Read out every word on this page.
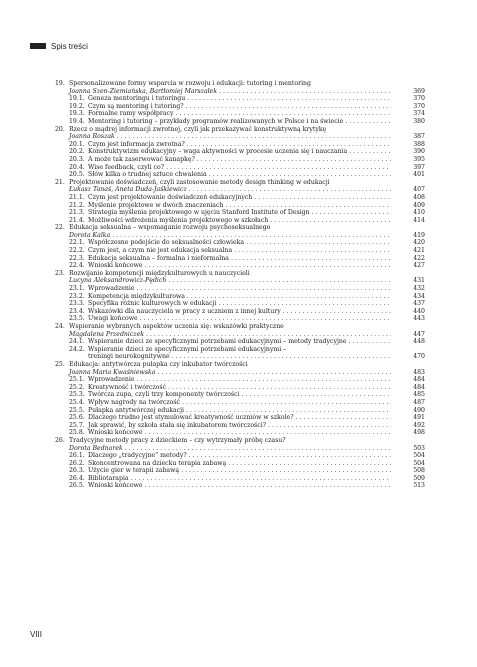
Spis treści
19. Spersonalizowane formy wsparcia w rozwoju i edukacji: tutoring i mentoring
Joanna Szen-Ziemiańska, Bartłomiej Marszałek . . .	369
19.1. Geneza mentoringu i tutoringu . . .	370
19.2. Czym są mentoring i tutoring? . . .	370
19.3. Formalne ramy współpracy . . .	374
19.4. Mentoring i tutoring – przykłady programów realizowanych w Polsce i na świecie . . .	380
20. Rzecz o mądrej informacji zwrotnej, czyli jak przekazywać konstruktywną krytykę
Joanna Roszak . . .	387
20.1. Czym jest informacja zwrotna? . . .	388
20.2. Konstruktywizm edukacyjny – waga aktywności w procesie uczenia się i nauczania . . .	390
20.3. A może tak zaserwować kanapkę? . . .	395
20.4. Wise feedback, czyli co? . . .	397
20.5. Słów kilka o trudnej sztuce chwalenia . . .	401
21. Projektowanie doświadczeń, czyli zastosowanie metody design thinking w edukacji
Łukasz Tanaś, Aneta Duda-Jaśkiewicz . . .	407
21.1. Czym jest projektowanie doświadczeń edukacyjnych . . .	408
21.2. Myślenie projektowe w dwóch znaczeniach . . .	409
21.3. Strategia myślenia projektowego w ujęciu Stanford Institute of Design . . .	410
21.4. Możliwości wdrożenia myślenia projektowego w szkołach . . .	414
22. Edukacja seksualna – wspomaganie rozwoju psychoseksualnego
Dorota Kalka . . .	419
22.1. Współczesne podejście do seksualności człowieka . . .	420
22.2. Czym jest, a czym nie jest edukacja seksualna . . .	421
22.3. Edukacja seksualna – formalna i nieformalna . . .	422
22.4. Wnioski końcowe . . .	427
23. Rozwijanie kompetencji międzykulturowych u nauczycieli
Lucyna Aleksandrowicz-Pędich . . .	431
23.1. Wprowadzenie . . .	432
23.2. Kompetencja międzykulturowa . . .	434
23.3. Specyfika różnic kulturowych w edukacji . . .	437
23.4. Wskazówki dla nauczyciela w pracy z uczniem z innej kultury . . .	440
23.5. Uwagi końcowe . . .	443
24. Wspieranie wybranych aspektów uczenia się: wskazówki praktyczne
Magdalena Przedniczek . . .	447
24.1. Wspieranie dzieci ze specyficznymi potrzebami edukacyjnymi – metody tradycyjne . . .	448
24.2. Wspieranie dzieci ze specyficznymi potrzebami edukacyjnymi –
treningi neurokognitywne . . .	470
25. Edukacja: antytwórcza pułapka czy inkubator twórczości
Joanna Maria Kwaśniewska . . .	483
25.1. Wprowadzenie . . .	484
25.2. Kreatywność i twórczość . . .	484
25.3. Twórcza zupa, czyli trzy komponenty twórczości . . .	485
25.4. Wpływ nagrody na twórczość . . .	487
25.5. Pułapka antytwórczej edukacji . . .	490
25.6. Dlaczego trudno jest stymulować kreatywność uczniów w szkole? . . .	491
25.7. Jak sprawić, by szkoła stała się inkubatorem twórczości? . . .	492
25.8. Wnioski końcowe . . .	498
26. Tradycyjne metody pracy z dzieckiem – czy wytrzymały próbę czasu?
Dorota Bednarek . . .	503
26.1. Dlaczego „tradycyjne” metody? . . .	504
26.2. Skoncentrowana na dziecku terapia zabawą . . .	504
26.3. Użycie gier w terapii zabawą . . .	508
26.4. Bibliotarapia . . .	509
26.5. Wnioski końcowe . . .	513
VIII
